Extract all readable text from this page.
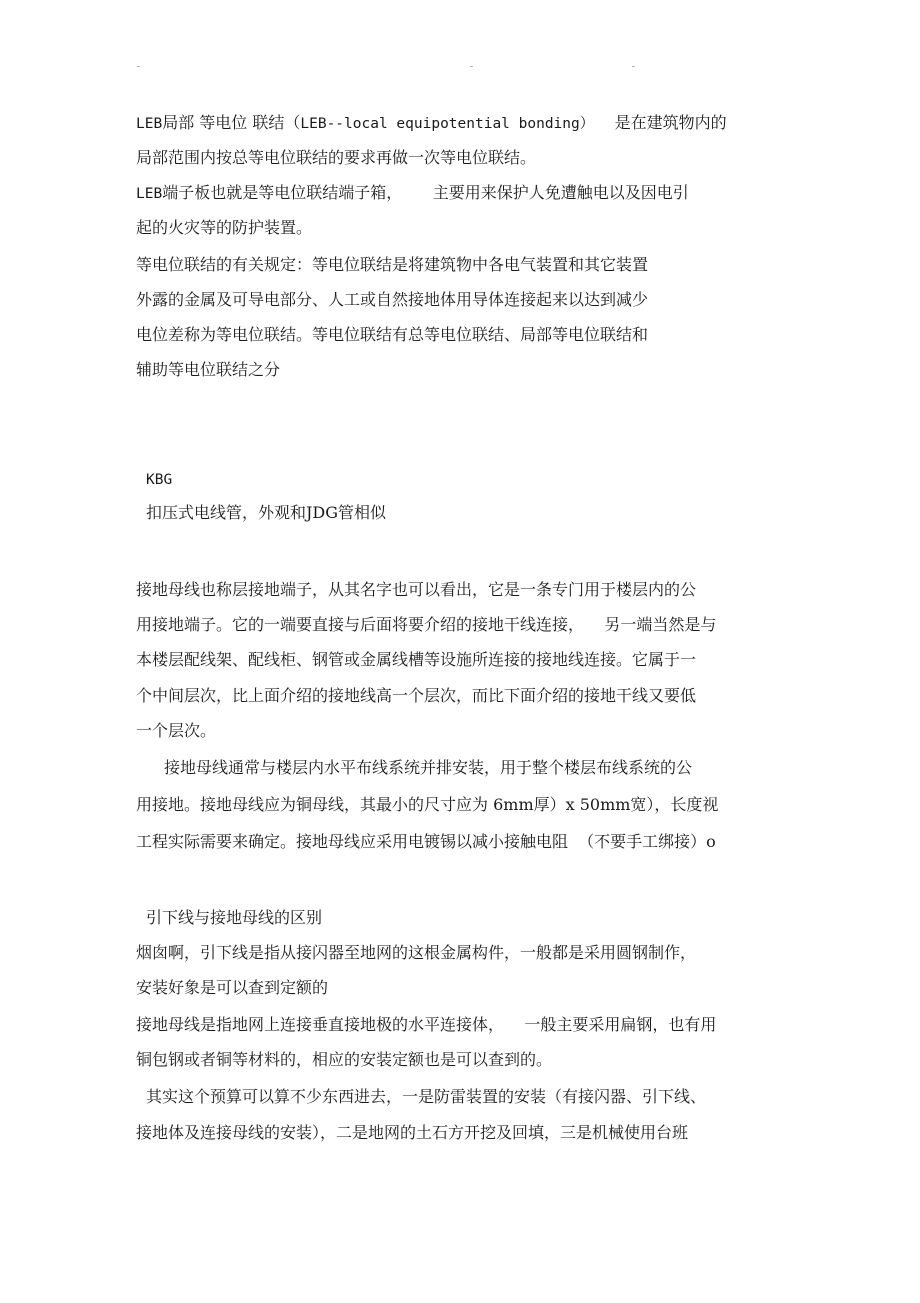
ـ	ـ	ـ
LEB局部 等电位 联结（LEB--local equipotential bonding）    是在建筑物内的
局部范围内按总等电位联结的要求再做一次等电位联结。
LEB端子板也就是等电位联结端子箱，      主要用来保护人免遭触电以及因电引
起的火灾等的防护装置。
等电位联结的有关规定：等电位联结是将建筑物中各电气装置和其它装置
外露的金属及可导电部分、人工或自然接地体用导体连接起来以达到减少
电位差称为等电位联结。等电位联结有总等电位联结、局部等电位联结和
辅助等电位联结之分
KBG
扣压式电线管，外观和JDG管相似
接地母线也称层接地端子，从其名字也可以看出，它是一条专门用于楼层内的公
用接地端子。它的一端要直接与后面将要介绍的接地干线连接，    另一端当然是与
本楼层配线架、配线柜、钢管或金属线槽等设施所连接的接地线连接。它属于一
个中间层次，比上面介绍的接地线高一个层次，而比下面介绍的接地干线又要低
一个层次。
接地母线通常与楼层内水平布线系统并排安装，用于整个楼层布线系统的公
用接地。接地母线应为铜母线，其最小的尺寸应为 6mm厚）x 50mm宽），长度视
工程实际需要来确定。接地母线应采用电镀锡以减小接触电阻  （不要手工绑接）o
引下线与接地母线的区别
烟囱啊，引下线是指从接闪器至地网的这根金属构件，一般都是采用圆钢制作，
安装好象是可以查到定额的
接地母线是指地网上连接垂直接地极的水平连接体，    一般主要采用扁钢，也有用
铜包钢或者铜等材料的，相应的安装定额也是可以查到的。
其实这个预算可以算不少东西进去，一是防雷装置的安装（有接闪器、引下线、
接地体及连接母线的安装），二是地网的土石方开挖及回填，三是机械使用台班
